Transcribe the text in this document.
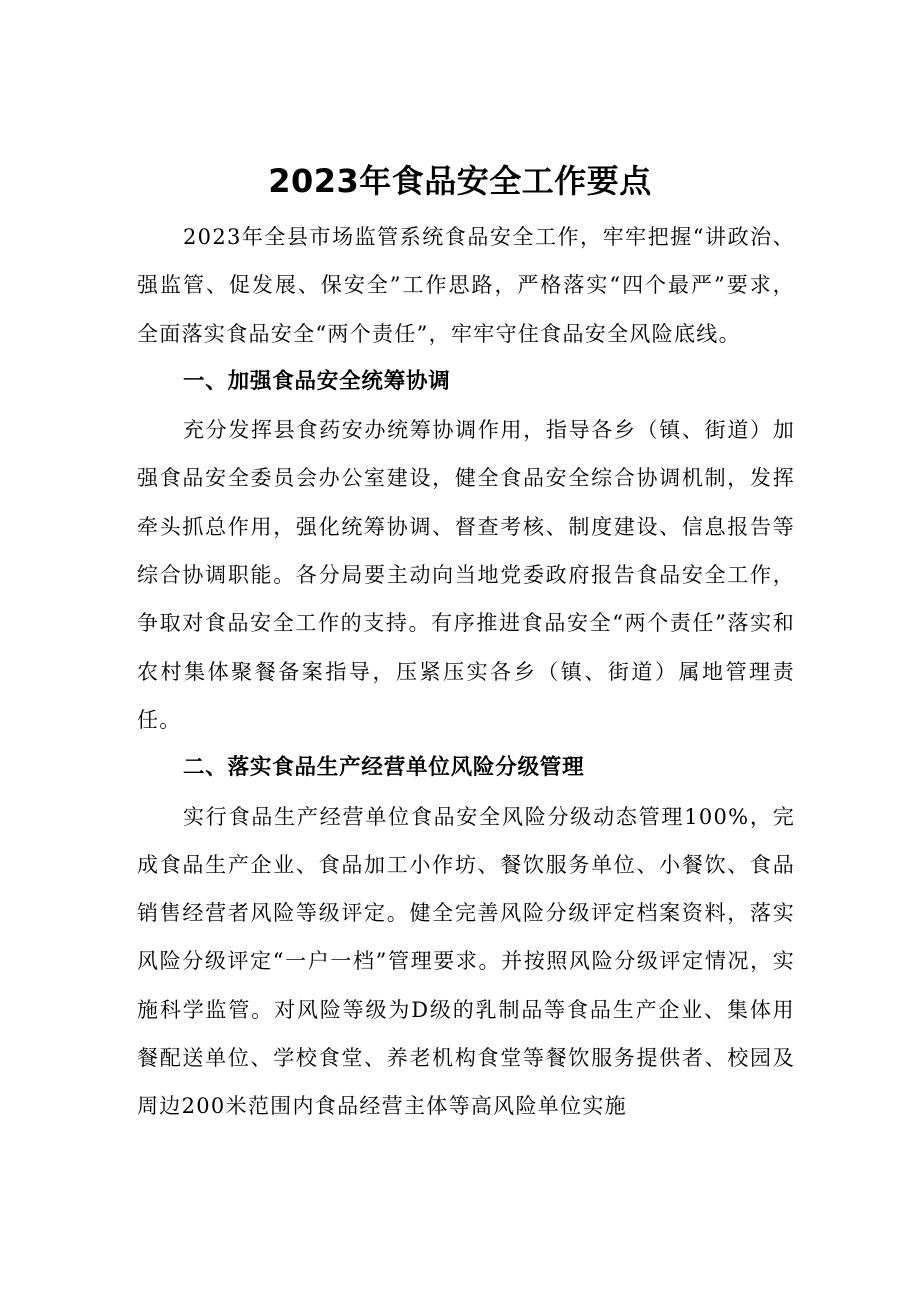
2023年食品安全工作要点

2023年全县市场监管系统食品安全工作，牢牢把握“讲政治、强监管、促发展、保安全”工作思路，严格落实“四个最严”要求，全面落实食品安全“两个责任”，牢牢守住食品安全风险底线。

一、加强食品安全统筹协调

充分发挥县食药安办统筹协调作用，指导各乡（镇、街道）加强食品安全委员会办公室建设，健全食品安全综合协调机制，发挥牵头抓总作用，强化统筹协调、督查考核、制度建设、信息报告等综合协调职能。各分局要主动向当地党委政府报告食品安全工作，争取对食品安全工作的支持。有序推进食品安全“两个责任”落实和农村集体聚餐备案指导，压紧压实各乡（镇、街道）属地管理责任。

二、落实食品生产经营单位风险分级管理

实行食品生产经营单位食品安全风险分级动态管理100%，完成食品生产企业、食品加工小作坊、餐饮服务单位、小餐饮、食品销售经营者风险等级评定。健全完善风险分级评定档案资料，落实风险分级评定“一户一档”管理要求。并按照风险分级评定情况，实施科学监管。对风险等级为D级的乳制品等食品生产企业、集体用餐配送单位、学校食堂、养老机构食堂等餐饮服务提供者、校园及周边200米范围内食品经营主体等高风险单位实施
